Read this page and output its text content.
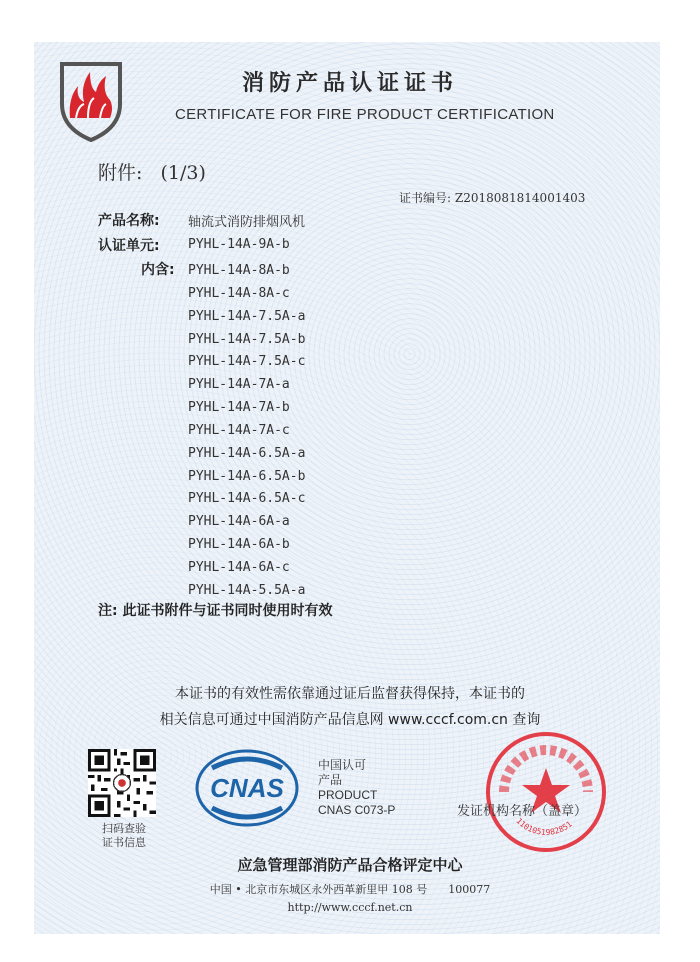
消防产品认证证书
CERTIFICATE FOR FIRE PRODUCT CERTIFICATION
附件: (1/3)
证书编号: Z2018081814001403
产品名称: 轴流式消防排烟风机
认证单元: PYHL-14A-9A-b
内含: PYHL-14A-8A-b
PYHL-14A-8A-c
PYHL-14A-7.5A-a
PYHL-14A-7.5A-b
PYHL-14A-7.5A-c
PYHL-14A-7A-a
PYHL-14A-7A-b
PYHL-14A-7A-c
PYHL-14A-6.5A-a
PYHL-14A-6.5A-b
PYHL-14A-6.5A-c
PYHL-14A-6A-a
PYHL-14A-6A-b
PYHL-14A-6A-c
PYHL-14A-5.5A-a
注: 此证书附件与证书同时使用时有效
本证书的有效性需依靠通过证后监督获得保持，本证书的
相关信息可通过中国消防产品信息网 www.cccf.com.cn 查询
扫码查验
证书信息
CNAS
中国认可
产品
PRODUCT
CNAS C073-P
1101051982851
发证机构名称（盖章）
应急管理部消防产品合格评定中心
中国 • 北京市东城区永外西革新里甲 108 号      100077
http://www.cccf.net.cn
